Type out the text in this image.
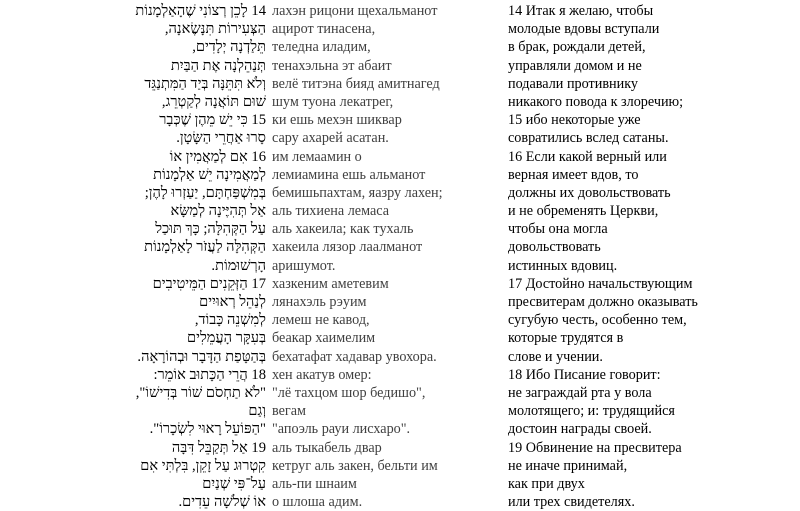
14 לָכֵן רְצוֹנִי שֶׁהָאַלְמָנוֹת
הַצְּעִירוֹת תִּנָּשֶׂאנָה,
תֵּלַדְנָה יְלָדִים,
תְּנַהֵלְנָה אֶת הַבַּיִת
וְלֹא תִּתֵּנָּה בְּיַד הַמִּתְנַגֵּד
שׁוּם תּוֹאֲנָה לְקַטְרֵג,
15 כִּי יֵשׁ מֵהֶן שֶׁכְּבָר
סָרוּ אַחֲרֵי הַשָּׂטָן.
16 אִם לְמַאֲמִין אוֹ
לְמַאֲמִינָה יֵשׁ אַלְמָנוֹת
בְּמִשְׁפַּחְתָּם, יַעַזְרוּ לָהֶן;
אַל תְּהִיֶּינָה לְמַשָּׂא
עַל הַקְּהִלָּה; כָּךְ תּוּכַל
הַקְּהִלָּה לַעֲזֹר לָאַלְמָנוֹת
הָרְשׁוּמוֹת.
17 הַזְּקֵנִים הַמֵּיטִיבִים
לְנַהֵל רְאוּיִים
לְמִשְׁנֵה כָּבוֹד,
בְּעִקָּר הָעֲמֵלִים
בְּהַטָּפַת הַדָּבָר וּבְהוֹרָאָה.
18 הֲרֵי הַכָּתוּב אוֹמֵר:
"לֹא תַחְסֹם שׁוֹר בְּדִישׁוֹ",
וְגַם
"הַפּוֹעֵל רָאוּי לִשְׂכָרוֹ".
19 אַל תְּקַבֵּל דִּבָּה
קִטְרוּג עַל זָקֵן, בִּלְתִּי אִם
עַל־פִּי שְׁנַיִם
אוֹ שְׁלֹשָׁה עֵדִים.
лахэн рицони щехальманот
ацирот тинасена,
теледна иладим,
тенахэльна эт абаит
велё титэна бияд амитнагед
шум туона лекатрег,
ки ешь мехэн шиквар
сару ахарей асатан.
им лемаамин о
лемиамина ешь альманот
бемишьпахтам, яазру лахен;
аль тихиена лемаса
аль хакеила; как тухаль
хакеила лязор лаалманот
аришумот.
хазкеним аметевим
лянахэль рэуим
лемеш не кавод,
беакар хаимелим
бехатафат хадавар увохора.
хен акатув омер:
"лё тахцом шор бедишо",
вегам
"апоэль рауи лисхаро".
аль тыкабель двар
кетруг аль закен, бельти им
аль-пи шнаим
о шлоша адим.
14 Итак я желаю, чтобы
молодые вдовы вступали
в брак, рождали детей,
управляли домом и не
подавали противнику
никакого повода к злоречию;
15 ибо некоторые уже
совратились вслед сатаны.
16 Если какой верный или
верная имеет вдов, то
должны их довольствовать
и не обременять Церкви,
чтобы она могла
довольствовать
истинных вдовиц.
17 Достойно начальствующим
пресвитерам должно оказывать
сугубую честь, особенно тем,
которые трудятся в
слове и учении.
18 Ибо Писание говорит:
не заграждай рта у вола
молотящего; и: трудящийся
достоин награды своей.
19 Обвинение на пресвитера
не иначе принимай,
как при двух
или трех свидетелях.
